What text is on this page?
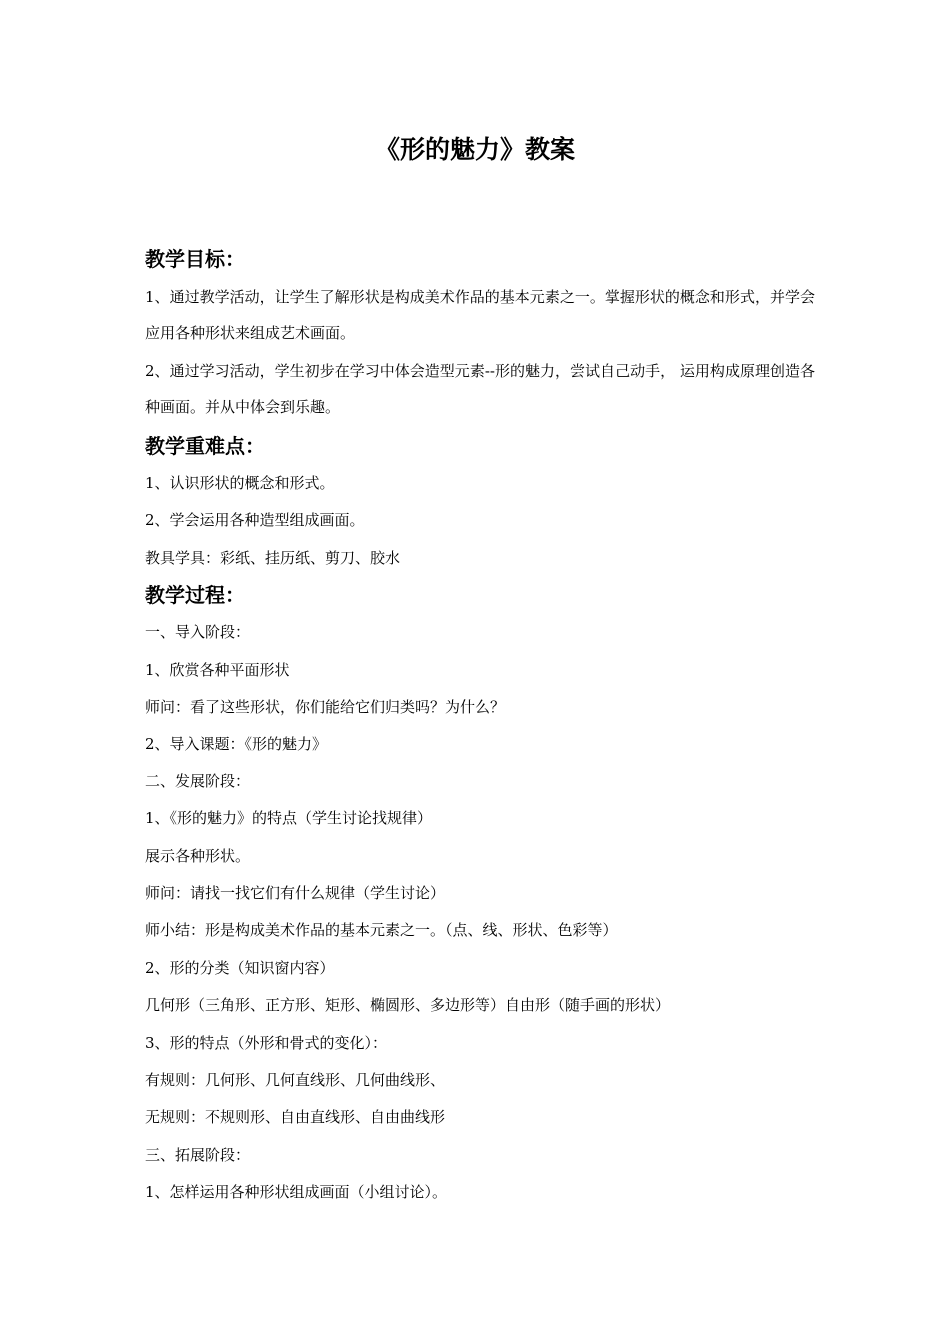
《形的魅力》教案
教学目标：

1、通过教学活动，让学生了解形状是构成美术作品的基本元素之一。掌握形状的概念和形式，并学会应用各种形状来组成艺术画面。

2、通过学习活动，学生初步在学习中体会造型元素--形的魅力，尝试自己动手， 运用构成原理创造各种画面。并从中体会到乐趣。

教学重难点：

1、认识形状的概念和形式。

2、学会运用各种造型组成画面。

教具学具：彩纸、挂历纸、剪刀、胶水

教学过程：

一、导入阶段：

1、欣赏各种平面形状

师问：看了这些形状，你们能给它们归类吗？为什么？

2、导入课题：《形的魅力》

二、发展阶段：

1、《形的魅力》的特点（学生讨论找规律）

展示各种形状。

师问：请找一找它们有什么规律（学生讨论）

师小结：形是构成美术作品的基本元素之一。（点、线、形状、色彩等）

2、形的分类（知识窗内容）

几何形（三角形、正方形、矩形、椭圆形、多边形等）自由形（随手画的形状）

3、形的特点（外形和骨式的变化）：

有规则：几何形、几何直线形、几何曲线形、

无规则：不规则形、自由直线形、自由曲线形

三、拓展阶段：

1、怎样运用各种形状组成画面（小组讨论）。
